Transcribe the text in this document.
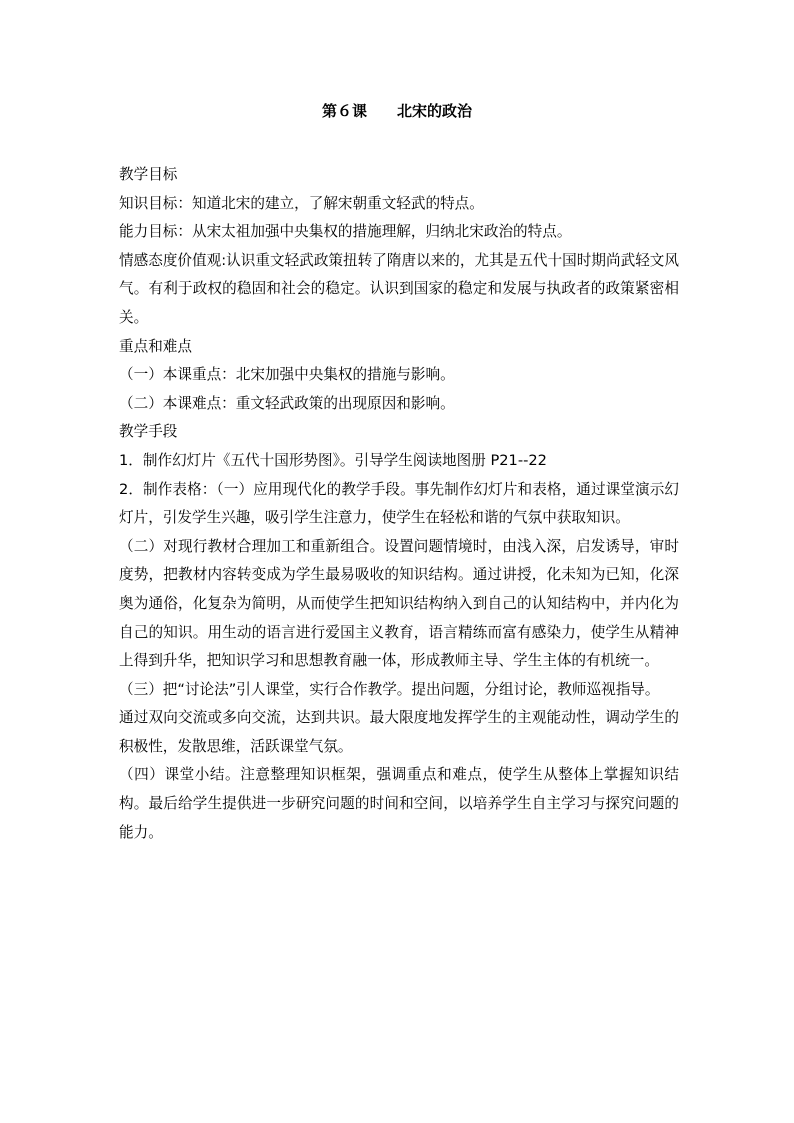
第６课　　北宋的政治

教学目标

知识目标：知道北宋的建立，了解宋朝重文轻武的特点。

能力目标：从宋太祖加强中央集权的措施理解，归纳北宋政治的特点。

情感态度价值观:认识重文轻武政策扭转了隋唐以来的，尤其是五代十国时期尚武轻文风气。有利于政权的稳固和社会的稳定。认识到国家的稳定和发展与执政者的政策紧密相关。

重点和难点

（一）本课重点：北宋加强中央集权的措施与影响。

（二）本课难点：重文轻武政策的出现原因和影响。

教学手段

1．制作幻灯片《五代十国形势图》。引导学生阅读地图册 P21--22

2．制作表格：（一）应用现代化的教学手段。事先制作幻灯片和表格，通过课堂演示幻灯片，引发学生兴趣，吸引学生注意力，使学生在轻松和谐的气氛中获取知识。

（二）对现行教材合理加工和重新组合。设置问题情境时，由浅入深，启发诱导，审时度势，把教材内容转变成为学生最易吸收的知识结构。通过讲授，化未知为已知，化深奥为通俗，化复杂为简明，从而使学生把知识结构纳入到自己的认知结构中，并内化为自己的知识。用生动的语言进行爱国主义教育，语言精练而富有感染力，使学生从精神上得到升华，把知识学习和思想教育融一体，形成教师主导、学生主体的有机统一。

（三）把“讨论法”引人课堂，实行合作教学。提出问题，分组讨论，教师巡视指导。

通过双向交流或多向交流，达到共识。最大限度地发挥学生的主观能动性，调动学生的积极性，发散思维，活跃课堂气氛。

（四）课堂小结。注意整理知识框架，强调重点和难点，使学生从整体上掌握知识结构。最后给学生提供进一步研究问题的时间和空间，以培养学生自主学习与探究问题的能力。
